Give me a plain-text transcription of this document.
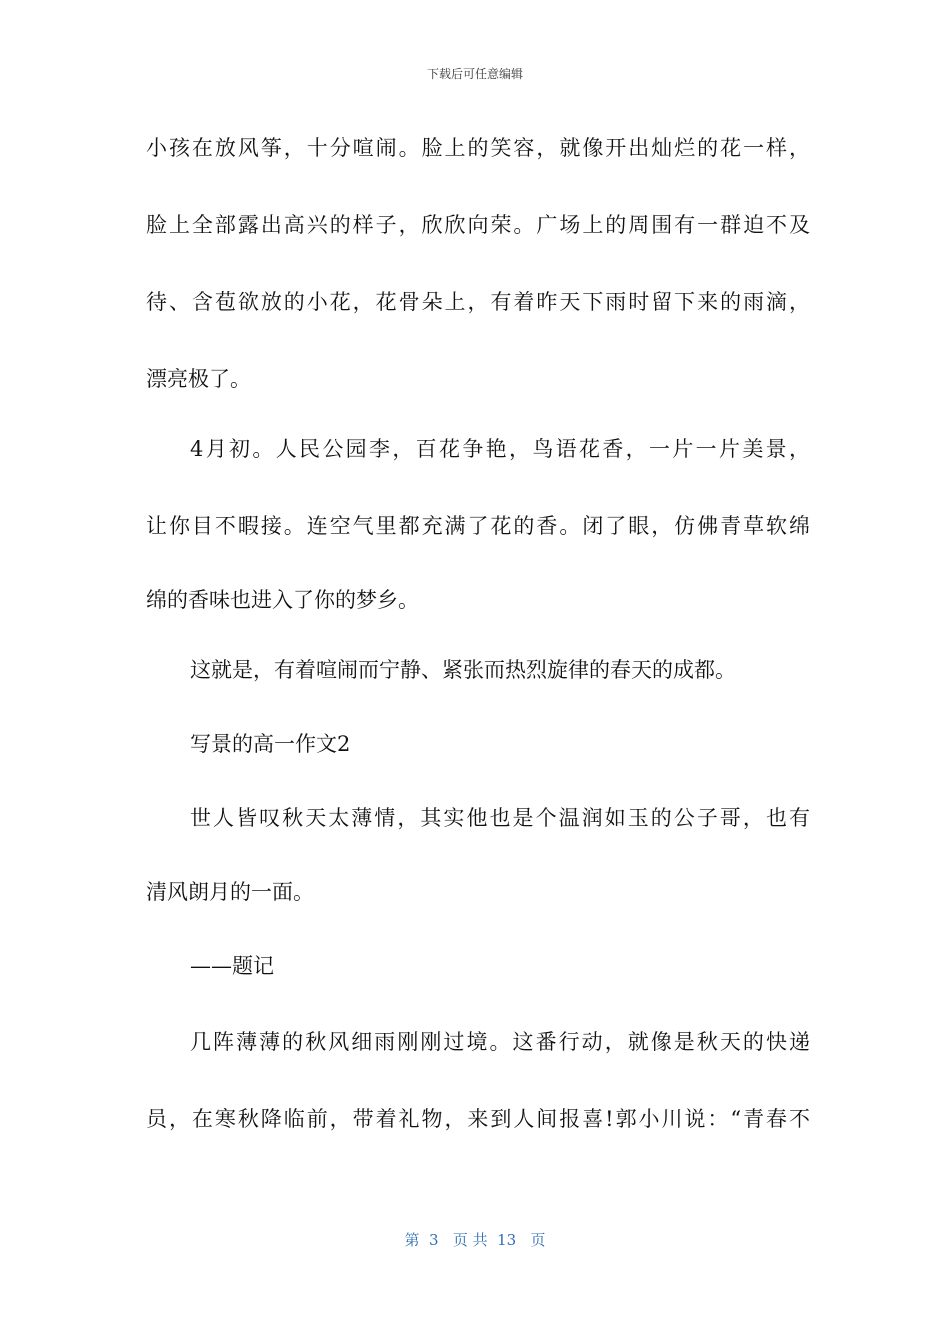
下载后可任意编辑
小孩在放风筝，十分喧闹。脸上的笑容，就像开出灿烂的花一样，
脸上全部露出高兴的样子，欣欣向荣。广场上的周围有一群迫不及
待、含苞欲放的小花，花骨朵上，有着昨天下雨时留下来的雨滴，
漂亮极了。
4月初。人民公园李，百花争艳，鸟语花香，一片一片美景，
让你目不暇接。连空气里都充满了花的香。闭了眼，仿佛青草软绵
绵的香味也进入了你的梦乡。
这就是，有着喧闹而宁静、紧张而热烈旋律的春天的成都。
写景的高一作文2
世人皆叹秋天太薄情，其实他也是个温润如玉的公子哥，也有
清风朗月的一面。
——题记
几阵薄薄的秋风细雨刚刚过境。这番行动，就像是秋天的快递
员，在寒秋降临前，带着礼物，来到人间报喜!郭小川说：“青春不
第  3   页 共  13   页
